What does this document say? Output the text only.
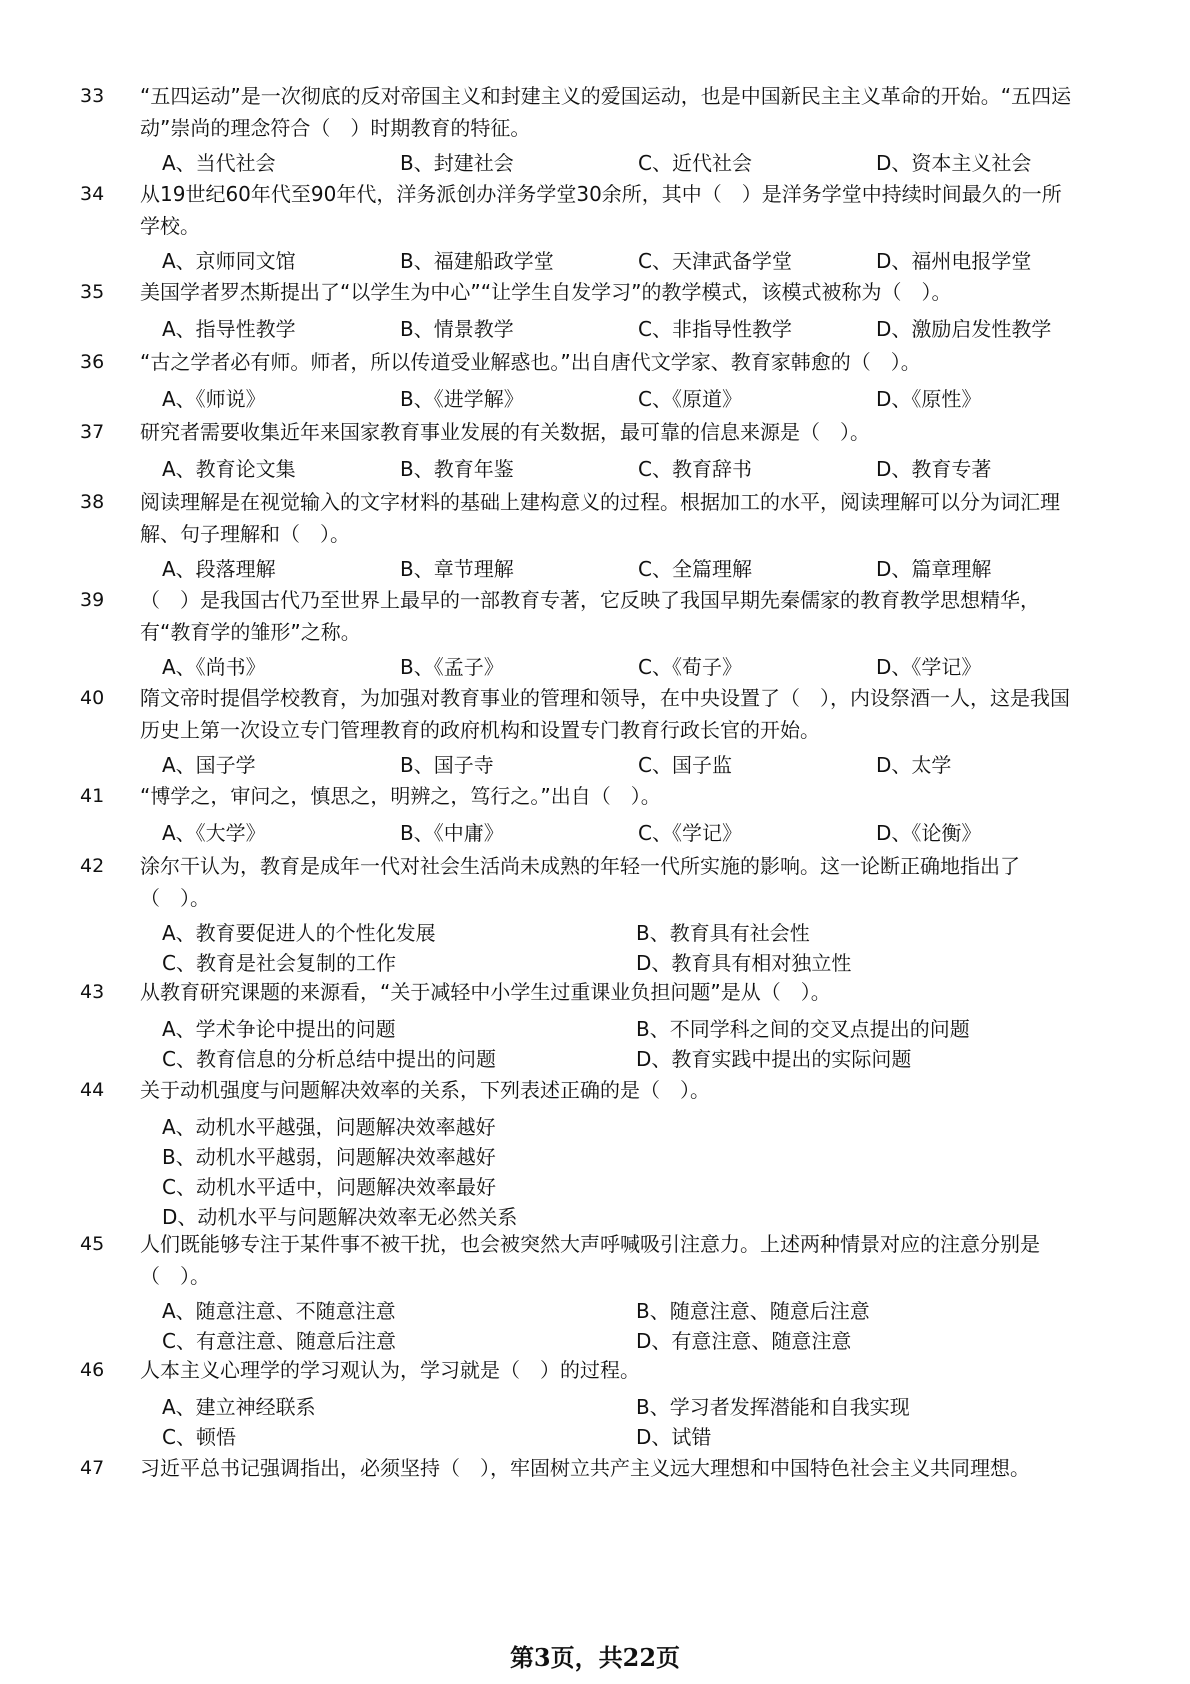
33 “五四运动”是一次彻底的反对帝国主义和封建主义的爱国运动，也是中国新民主主义革命的开始。“五四运动”崇尚的理念符合（　）时期教育的特征。
A、当代社会	B、封建社会	C、近代社会	D、资本主义社会
34 从19世纪60年代至90年代，洋务派创办洋务学堂30余所，其中（　）是洋务学堂中持续时间最久的一所学校。
A、京师同文馆	B、福建船政学堂	C、天津武备学堂	D、福州电报学堂
35 美国学者罗杰斯提出了“以学生为中心”“让学生自发学习”的教学模式，该模式被称为（　）。
A、指导性教学	B、情景教学	C、非指导性教学	D、激励启发性教学
36 “古之学者必有师。师者，所以传道受业解惑也。”出自唐代文学家、教育家韩愈的（　）。
A、《师说》	B、《进学解》	C、《原道》	D、《原性》
37 研究者需要收集近年来国家教育事业发展的有关数据，最可靠的信息来源是（　）。
A、教育论文集	B、教育年鉴	C、教育辞书	D、教育专著
38 阅读理解是在视觉输入的文字材料的基础上建构意义的过程。根据加工的水平，阅读理解可以分为词汇理解、句子理解和（　）。
A、段落理解	B、章节理解	C、全篇理解	D、篇章理解
39 （　）是我国古代乃至世界上最早的一部教育专著，它反映了我国早期先秦儒家的教育教学思想精华，有“教育学的雏形”之称。
A、《尚书》	B、《孟子》	C、《荀子》	D、《学记》
40 隋文帝时提倡学校教育，为加强对教育事业的管理和领导，在中央设置了（　），内设祭酒一人，这是我国历史上第一次设立专门管理教育的政府机构和设置专门教育行政长官的开始。
A、国子学	B、国子寺	C、国子监	D、太学
41 “博学之，审问之，慎思之，明辨之，笃行之。”出自（　）。
A、《大学》	B、《中庸》	C、《学记》	D、《论衡》
42 涂尔干认为，教育是成年一代对社会生活尚未成熟的年轻一代所实施的影响。这一论断正确地指出了（　）。
A、教育要促进人的个性化发展	B、教育具有社会性
C、教育是社会复制的工作	D、教育具有相对独立性
43 从教育研究课题的来源看，“关于减轻中小学生过重课业负担问题”是从（　）。
A、学术争论中提出的问题	B、不同学科之间的交叉点提出的问题
C、教育信息的分析总结中提出的问题	D、教育实践中提出的实际问题
44 关于动机强度与问题解决效率的关系，下列表述正确的是（　）。
A、动机水平越强，问题解决效率越好
B、动机水平越弱，问题解决效率越好
C、动机水平适中，问题解决效率最好
D、动机水平与问题解决效率无必然关系
45 人们既能够专注于某件事不被干扰，也会被突然大声呼喊吸引注意力。上述两种情景对应的注意分别是（　）。
A、随意注意、不随意注意	B、随意注意、随意后注意
C、有意注意、随意后注意	D、有意注意、随意注意
46 人本主义心理学的学习观认为，学习就是（　）的过程。
A、建立神经联系	B、学习者发挥潜能和自我实现
C、顿悟	D、试错
47 习近平总书记强调指出，必须坚持（　），牢固树立共产主义远大理想和中国特色社会主义共同理想。
第3页，共22页
